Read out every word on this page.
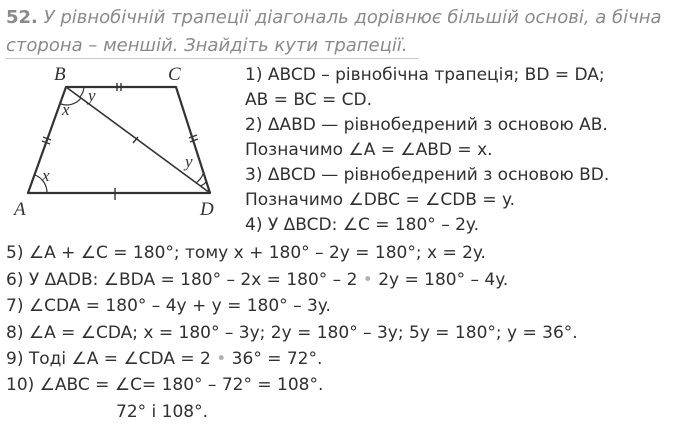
52. У рівнобічній трапеції діагональ дорівнює більшій основі, а бічна сторона – меншій. Знайдіть кути трапеції.
A
B	C
D
x
x
y
y
1) ABCD – рівнобічна трапеція; BD = DA;
AB = BC = CD.
2) ΔABD — рівнобедрений з основою AB.
Позначимо ∠A = ∠ABD = x.
3) ΔBCD — рівнобедрений з основою BD.
Позначимо ∠DBC = ∠CDB = y.
4) У ΔBCD: ∠C = 180° – 2y.
5) ∠A + ∠C = 180°; тому x + 180° – 2y = 180°; x = 2y.
6) У ΔADB: ∠BDA = 180° – 2x = 180° – 2 • 2y = 180° – 4y.
7) ∠CDA = 180° – 4y + y = 180° – 3y.
8) ∠A = ∠CDA; x = 180° – 3y; 2y = 180° – 3y; 5y = 180°; y = 36°.
9) Тоді ∠A = ∠CDA = 2 • 36° = 72°.
10) ∠ABC = ∠C= 180° – 72° = 108°.
72° і 108°.
